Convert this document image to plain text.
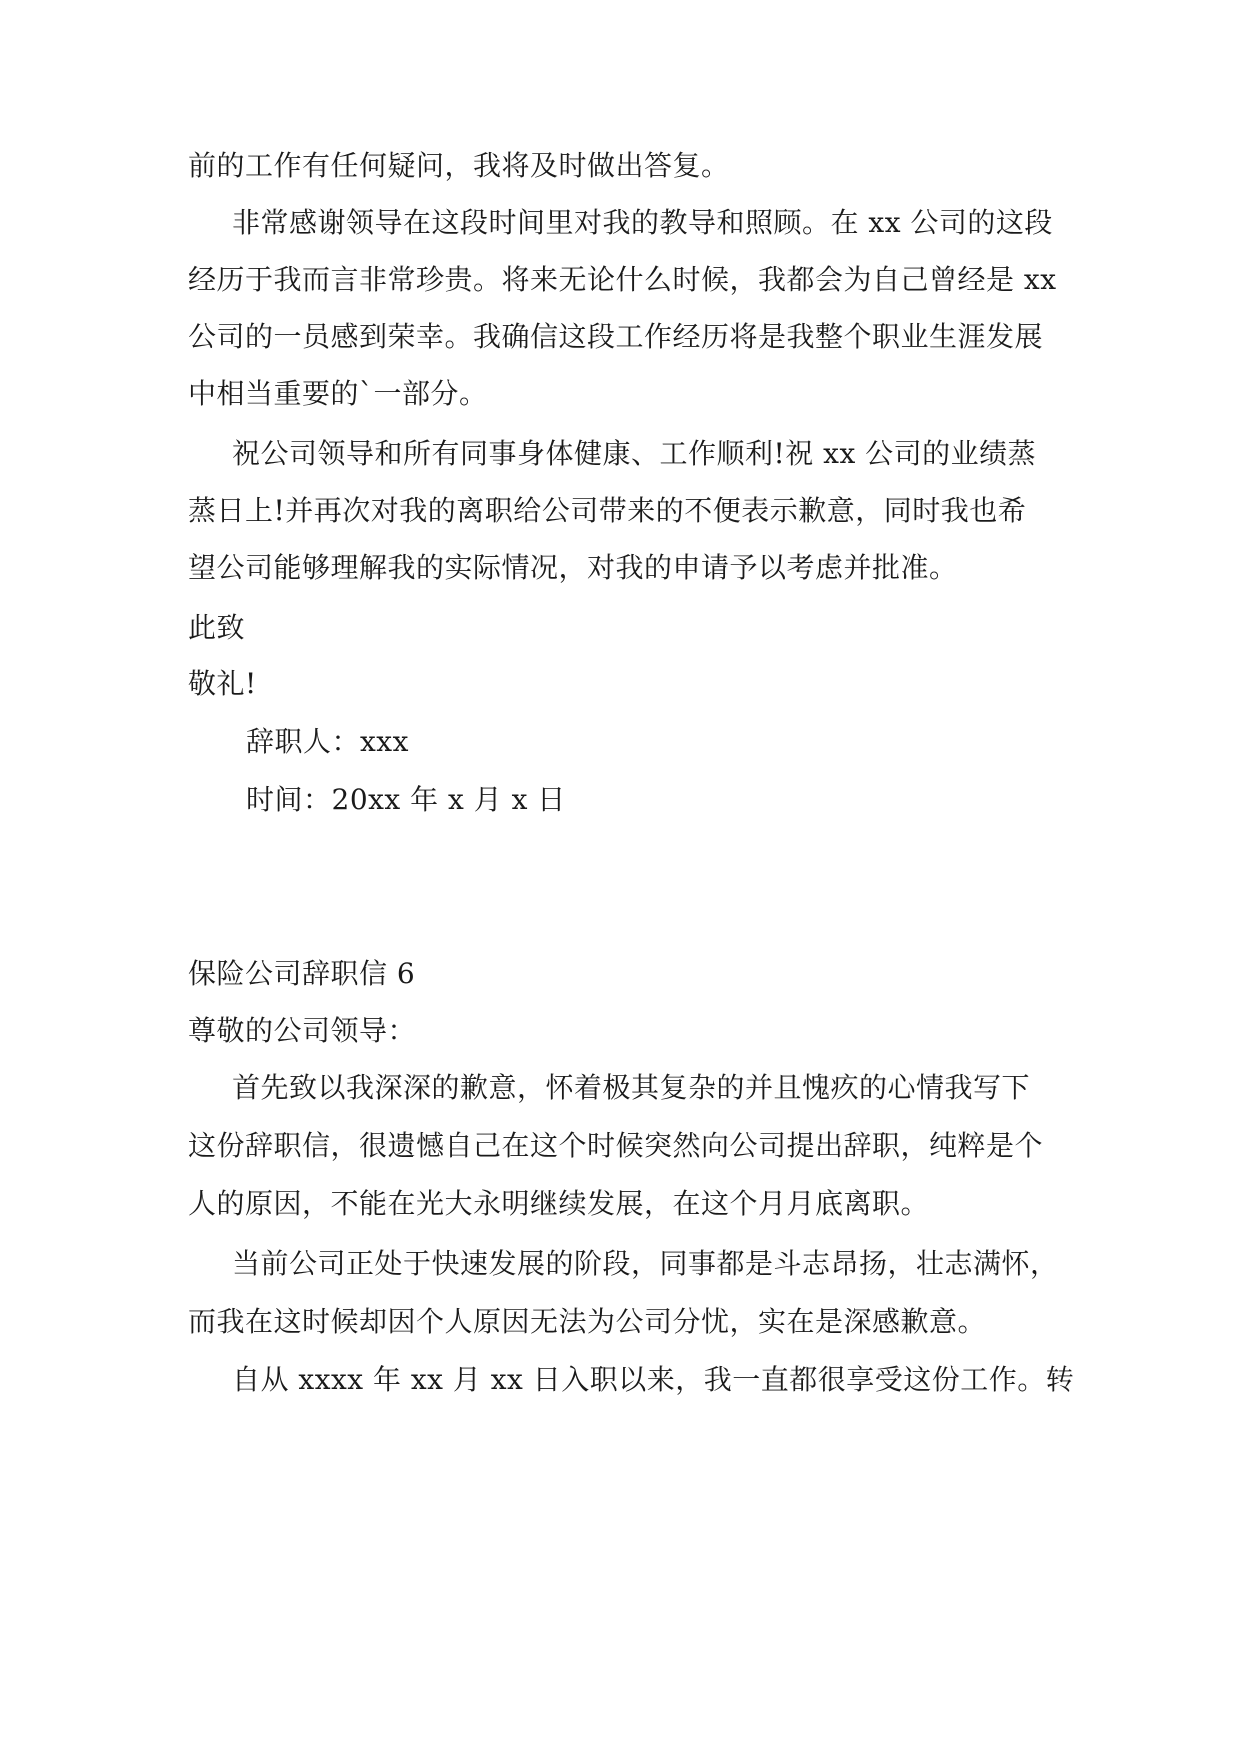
前的工作有任何疑问，我将及时做出答复。
非常感谢领导在这段时间里对我的教导和照顾。在 xx 公司的这段
经历于我而言非常珍贵。将来无论什么时候，我都会为自己曾经是 xx
公司的一员感到荣幸。我确信这段工作经历将是我整个职业生涯发展
中相当重要的`一部分。
祝公司领导和所有同事身体健康、工作顺利!祝 xx 公司的业绩蒸
蒸日上!并再次对我的离职给公司带来的不便表示歉意，同时我也希
望公司能够理解我的实际情况，对我的申请予以考虑并批准。
此致
敬礼!
辞职人：xxx
时间：20xx 年 x 月 x 日
保险公司辞职信 6
尊敬的公司领导：
首先致以我深深的歉意，怀着极其复杂的并且愧疚的心情我写下
这份辞职信，很遗憾自己在这个时候突然向公司提出辞职，纯粹是个
人的原因，不能在光大永明继续发展，在这个月月底离职。
当前公司正处于快速发展的阶段，同事都是斗志昂扬，壮志满怀，
而我在这时候却因个人原因无法为公司分忧，实在是深感歉意。
自从 xxxx 年 xx 月 xx 日入职以来，我一直都很享受这份工作。转
